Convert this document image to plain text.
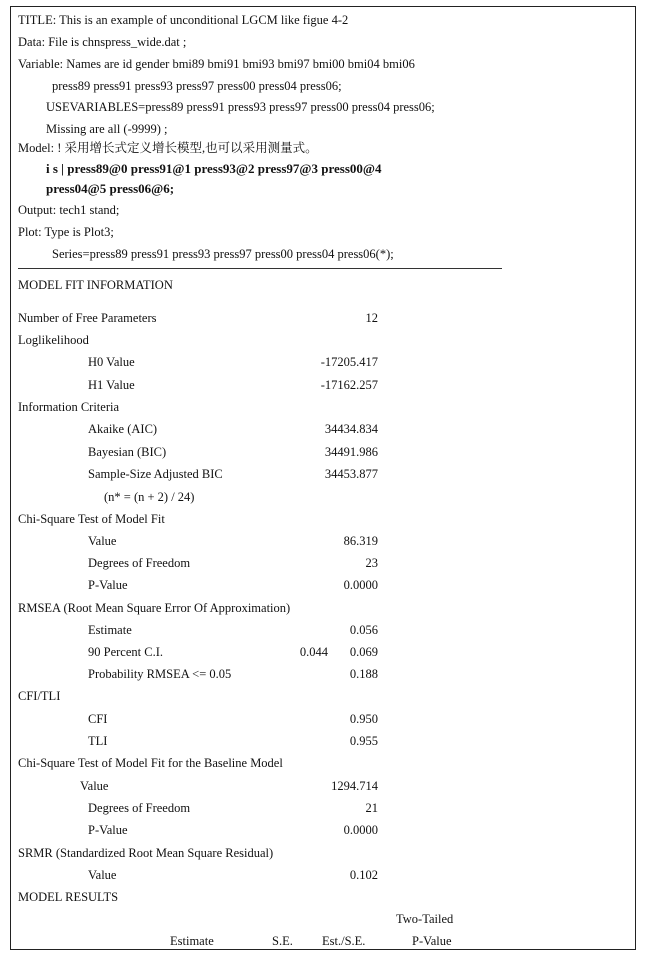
TITLE: This is an example of unconditional LGCM like figue 4-2
Data: File is chnspress_wide.dat ;
Variable: Names are id gender bmi89 bmi91 bmi93 bmi97 bmi00 bmi04 bmi06
press89 press91 press93 press97 press00 press04 press06;
USEVARIABLES=press89 press91 press93 press97 press00 press04 press06;
Missing are all (-9999) ;
Model: ! 采用增长式定义增长模型,也可以采用测量式。
i s | press89@0 press91@1 press93@2 press97@3 press00@4
press04@5 press06@6;
Output: tech1 stand;
Plot: Type is Plot3;
Series=press89 press91 press93 press97 press00 press04 press06(*);
MODEL FIT INFORMATION
Number of Free Parameters	12
Loglikelihood
H0 Value	-17205.417
H1 Value	-17162.257
Information Criteria
Akaike (AIC)	34434.834
Bayesian (BIC)	34491.986
Sample-Size Adjusted BIC	34453.877
(n* = (n + 2) / 24)
Chi-Square Test of Model Fit
Value	86.319
Degrees of Freedom	23
P-Value	0.0000
RMSEA (Root Mean Square Error Of Approximation)
Estimate	0.056
90 Percent C.I.	0.044 0.069
Probability RMSEA <= 0.05	0.188
CFI/TLI
CFI	0.950
TLI	0.955
Chi-Square Test of Model Fit for the Baseline Model
Value	1294.714
Degrees of Freedom	21
P-Value	0.0000
SRMR (Standardized Root Mean Square Residual)
Value	0.102
MODEL RESULTS
Two-Tailed
Estimate	S.E. Est./S.E.	P-Value
